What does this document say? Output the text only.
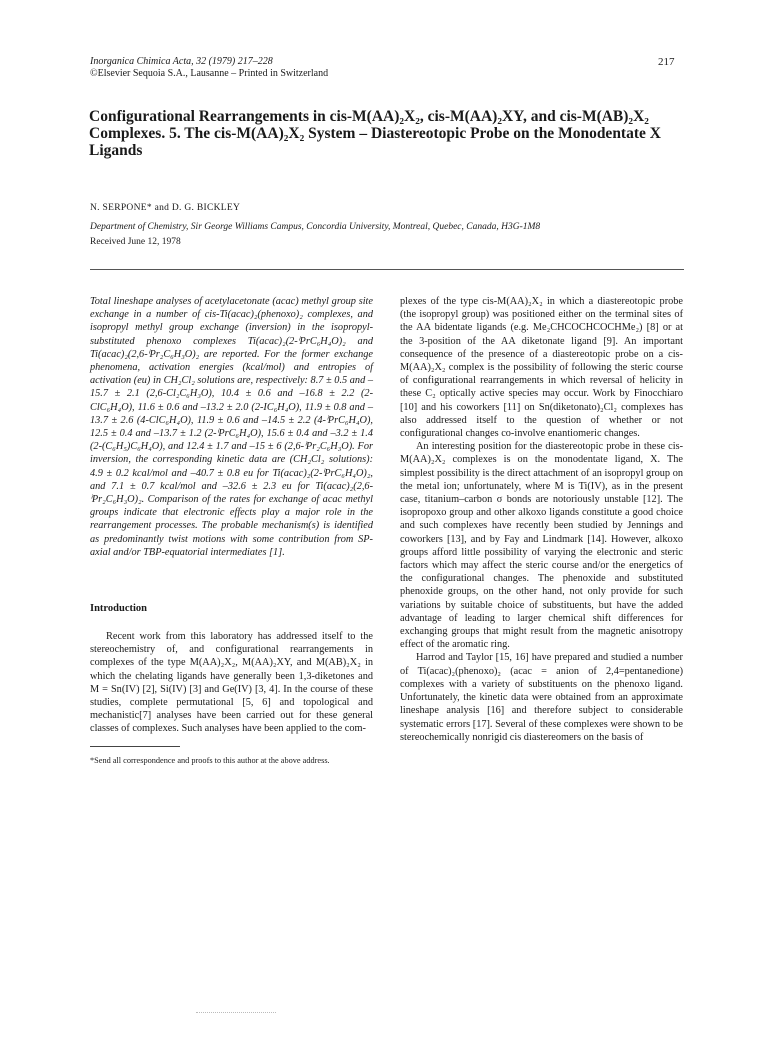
Inorganica Chimica Acta, 32 (1979) 217–228
©Elsevier Sequoia S.A., Lausanne – Printed in Switzerland
217
Configurational Rearrangements in cis-M(AA)₂X₂, cis-M(AA)₂XY, and cis-M(AB)₂X₂ Complexes. 5. The cis-M(AA)₂X₂ System – Diastereotopic Probe on the Monodentate X Ligands
N. SERPONE* and D. G. BICKLEY
Department of Chemistry, Sir George Williams Campus, Concordia University, Montreal, Quebec, Canada, H3G-1M8
Received June 12, 1978

Total lineshape analyses of acetylacetonate (acac) methyl group site exchange in a number of cis-Ti(acac)₂(phenoxo)₂ complexes, and isopropyl methyl group exchange (inversion) in the isopropyl-substituted phenoxo complexes Ti(acac)₂(2-ⁱPrC₆H₄O)₂ and Ti(acac)₂(2,6-ⁱPr₂C₆H₃O)₂ are reported. For the former exchange phenomena, activation energies (kcal/mol) and entropies of activation (eu) in CH₂Cl₂ solutions are, respectively: 8.7 ± 0.5 and –15.7 ± 2.1 (2,6-Cl₂C₆H₃O), 10.4 ± 0.6 and –16.8 ± 2.2 (2-ClC₆H₄O), 11.6 ± 0.6 and –13.2 ± 2.0 (2-IC₆H₄O), 11.9 ± 0.8 and –13.7 ± 2.6 (4-ClC₆H₄O), 11.9 ± 0.6 and –14.5 ± 2.2 (4-ⁱPrC₆H₄O), 12.5 ± 0.4 and –13.7 ± 1.2 (2-ⁱPrC₆H₄O), 15.6 ± 0.4 and –3.2 ± 1.4 (2-(C₆H₅)C₆H₄O), and 12.4 ± 1.7 and –15 ± 6 (2,6-ⁱPr₂C₆H₃O). For inversion, the corresponding kinetic data are (CH₂Cl₂ solutions): 4.9 ± 0.2 kcal/mol and –40.7 ± 0.8 eu for Ti(acac)₂(2-ⁱPrC₆H₄O)₂, and 7.1 ± 0.7 kcal/mol and –32.6 ± 2.3 eu for Ti(acac)₂(2,6-ⁱPr₂C₆H₃O)₂. Comparison of the rates for exchange of acac methyl groups indicate that electronic effects play a major role in the rearrangement processes. The probable mechanism(s) is identified as predominantly twist motions with some contribution from SP-axial and/or TBP-equatorial intermediates [1].

Introduction

Recent work from this laboratory has addressed itself to the stereochemistry of, and configurational rearrangements in complexes of the type M(AA)₂X₂, M(AA)₂XY, and M(AB)₂X₂ in which the chelating ligands have generally been 1,3-diketones and M = Sn(IV) [2], Si(IV) [3] and Ge(IV) [3, 4]. In the course of these studies, complete permutational [5, 6] and topological and mechanistic[7] analyses have been carried out for these general classes of complexes. Such analyses have been applied to the com-

*Send all correspondence and proofs to this author at the above address.

plexes of the type cis-M(AA)₂X₂ in which a diastereotopic probe (the isopropyl group) was positioned either on the terminal sites of the AA bidentate ligands (e.g. Me₂CHCOCHCOCHMe₂) [8] or at the 3-position of the AA diketonate ligand [9]. An important consequence of the presence of a diastereotopic probe on a cis-M(AA)₂X₂ complex is the possibility of following the steric course of configurational rearrangements in which reversal of helicity in these C₂ optically active species may occur. Work by Finocchiaro [10] and his coworkers [11] on Sn(diketonato)₂Cl₂ complexes has also addressed itself to the question of whether or not configurational changes co-involve enantiomeric changes.

An interesting position for the diastereotopic probe in these cis-M(AA)₂X₂ complexes is on the monodentate ligand, X. The simplest possibility is the direct attachment of an isopropyl group on the metal ion; unfortunately, where M is Ti(IV), as in the present case, titanium–carbon σ bonds are notoriously unstable [12]. The isopropoxo group and other alkoxo ligands constitute a good choice and such complexes have recently been studied by Jennings and coworkers [13], and by Fay and Lindmark [14]. However, alkoxo groups afford little possibility of varying the electronic and steric factors which may affect the steric course and/or the energetics of the configurational changes. The phenoxide and substituted phenoxide groups, on the other hand, not only provide for such variations by suitable choice of substituents, but have the added advantage of leading to larger chemical shift differences for exchanging groups that might result from the magnetic anisotropy effect of the aromatic ring.

Harrod and Taylor [15, 16] have prepared and studied a number of Ti(acac)₂(phenoxo)₂ (acac = anion of 2,4=pentanedione) complexes with a variety of substituents on the phenoxo ligand. Unfortunately, the kinetic data were obtained from an approximate lineshape analysis [16] and therefore subject to considerable systematic errors [17]. Several of these complexes were shown to be stereochemically nonrigid cis diastereomers on the basis of
